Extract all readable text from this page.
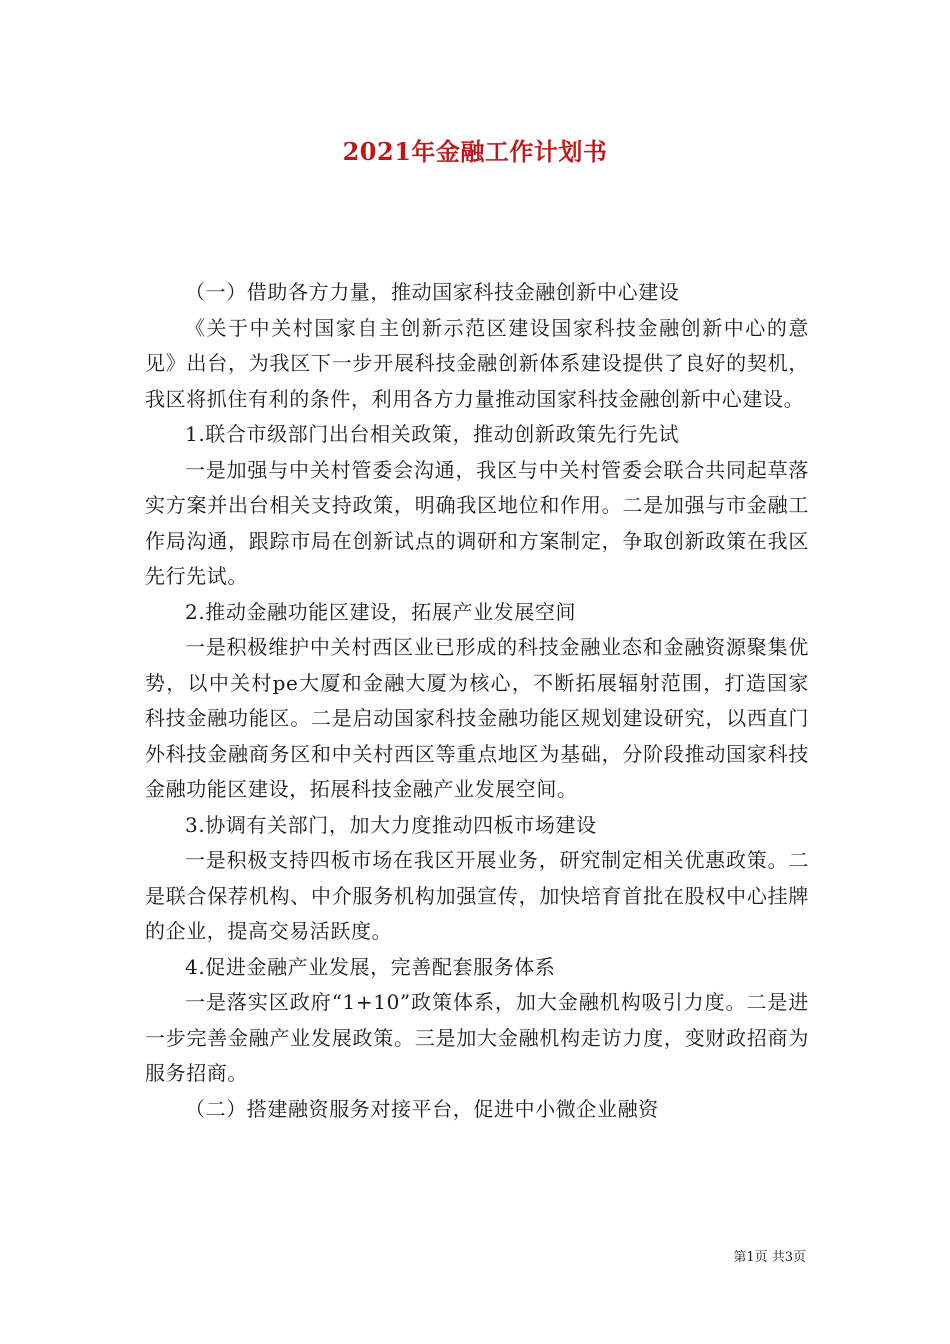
2021年金融工作计划书

（一）借助各方力量，推动国家科技金融创新中心建设

《关于中关村国家自主创新示范区建设国家科技金融创新中心的意见》出台，为我区下一步开展科技金融创新体系建设提供了良好的契机，我区将抓住有利的条件，利用各方力量推动国家科技金融创新中心建设。

1.联合市级部门出台相关政策，推动创新政策先行先试

一是加强与中关村管委会沟通，我区与中关村管委会联合共同起草落实方案并出台相关支持政策，明确我区地位和作用。二是加强与市金融工作局沟通，跟踪市局在创新试点的调研和方案制定，争取创新政策在我区先行先试。

2.推动金融功能区建设，拓展产业发展空间

一是积极维护中关村西区业已形成的科技金融业态和金融资源聚集优势，以中关村pe大厦和金融大厦为核心，不断拓展辐射范围，打造国家科技金融功能区。二是启动国家科技金融功能区规划建设研究，以西直门外科技金融商务区和中关村西区等重点地区为基础，分阶段推动国家科技金融功能区建设，拓展科技金融产业发展空间。

3.协调有关部门，加大力度推动四板市场建设

一是积极支持四板市场在我区开展业务，研究制定相关优惠政策。二是联合保荐机构、中介服务机构加强宣传，加快培育首批在股权中心挂牌的企业，提高交易活跃度。

4.促进金融产业发展，完善配套服务体系

一是落实区政府“1+10”政策体系，加大金融机构吸引力度。二是进一步完善金融产业发展政策。三是加大金融机构走访力度，变财政招商为服务招商。

（二）搭建融资服务对接平台，促进中小微企业融资

第1页 共3页
